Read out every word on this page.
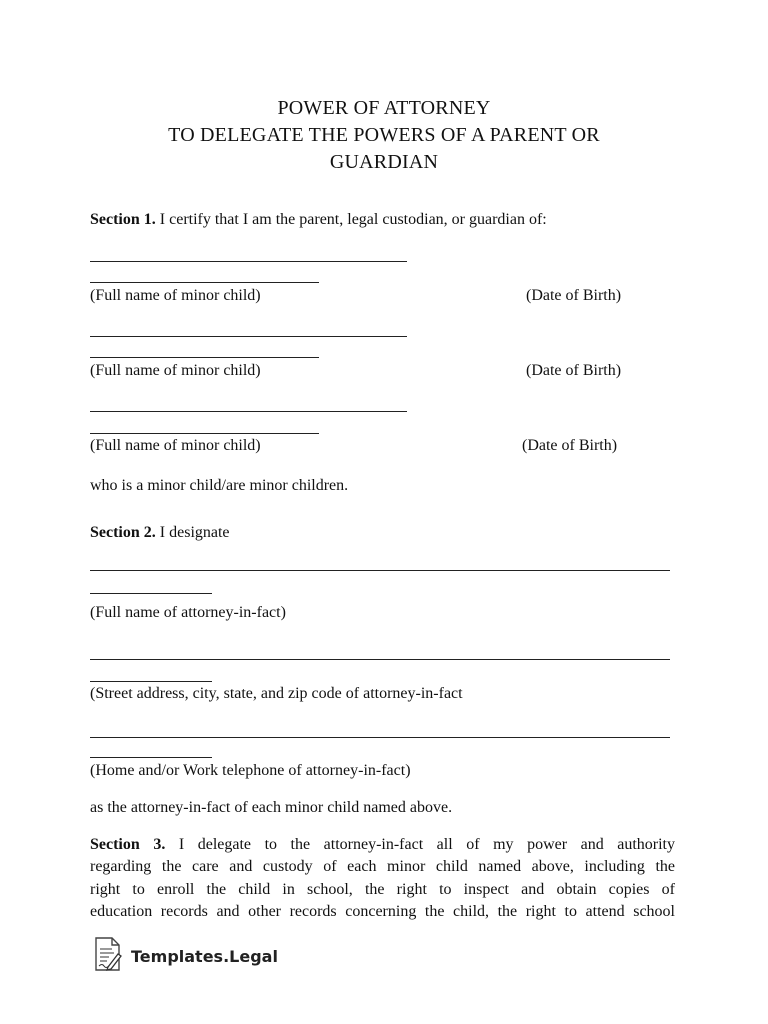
POWER OF ATTORNEY
TO DELEGATE THE POWERS OF A PARENT OR
GUARDIAN
Section 1. I certify that I am the parent, legal custodian, or guardian of:
(Full name of minor child)	(Date of Birth)
(Full name of minor child)	(Date of Birth)
(Full name of minor child)	(Date of Birth)
who is a minor child/are minor children.
Section 2. I designate
(Full name of attorney-in-fact)
(Street address, city, state, and zip code of attorney-in-fact
(Home and/or Work telephone of attorney-in-fact)
as the attorney-in-fact of each minor child named above.
Section 3. I delegate to the attorney-in-fact all of my power and authority
regarding the care and custody of each minor child named above, including the
right to enroll the child in school, the right to inspect and obtain copies of
education records and other records concerning the child, the right to attend school
Templates.Legal
